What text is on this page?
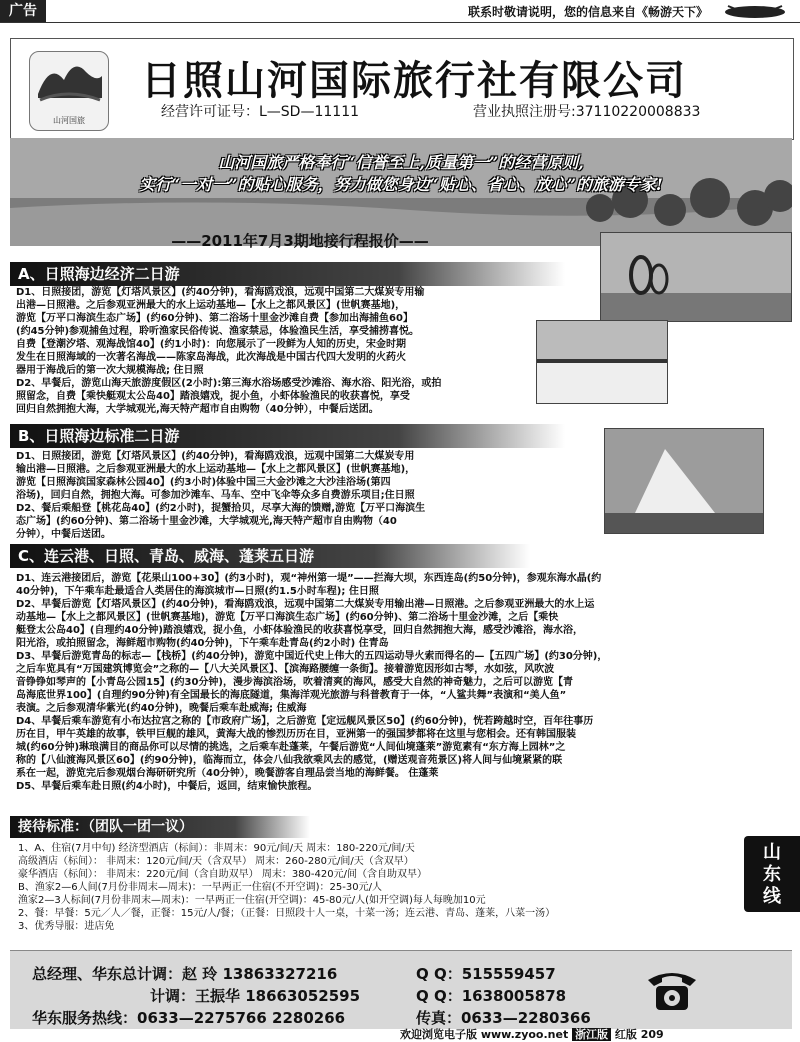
广告	联系时敬请说明，您的信息来自《畅游天下》
山河国旅
日照山河国际旅行社有限公司
经营许可证号：L—SD—11111	营业执照注册号:37110220008833
山河国旅严格奉行“信誉至上,质量第一”的经营原则,
实行“一对一”的贴心服务，努力做您身边“贴心、省心、放心”的旅游专家!
——2011年7月3期地接行程报价——
A、日照海边经济二日游
D1、日照接团，游览【灯塔风景区】(约40分钟)，看海鸥戏浪，远观中国第二大煤炭专用输
出港—日照港。之后参观亚洲最大的水上运动基地—【水上之都风景区】(世帆赛基地)，
游览【万平口海滨生态广场】(约60分钟)、第二浴场十里金沙滩自费【参加出海捕鱼60】
(约45分钟)参观捕鱼过程，聆听渔家民俗传说、渔家禁忌，体验渔民生活，享受捕捞喜悦。
自费【登潮汐塔、观海战馆40】(约1小时)：向您展示了一段鲜为人知的历史，宋金时期
发生在日照海域的一次著名海战——陈家岛海战，此次海战是中国古代四大发明的火药火
器用于海战后的第一次大规模海战; 住日照
D2、早餐后，游览山海天旅游度假区(2小时):第三海水浴场感受沙滩浴、海水浴、阳光浴，或拍
照留念，自费【乘快艇观太公岛40】踏浪嬉戏，捉小鱼，小虾体验渔民的收获喜悦，享受
回归自然拥抱大海，大学城观光,海天特产超市自由购物（40分钟），中餐后送团。
B、日照海边标准二日游
D1、日照接团，游览【灯塔风景区】(约40分钟)，看海鸥戏浪，远观中国第二大煤炭专用
输出港—日照港。之后参观亚洲最大的水上运动基地—【水上之都风景区】(世帆赛基地)，
游览【日照海滨国家森林公园40】(约3小时)体验中国三大金沙滩之大沙洼浴场(第四
浴场)，回归自然，拥抱大海。可参加沙滩车、马车、空中飞伞等众多自费游乐项目;住日照
D2、餐后乘船登【桃花岛40】(约2小时)，捉蟹拾贝，尽享大海的馈赠,游览【万平口海滨生
态广场】(约60分钟)、第二浴场十里金沙滩，大学城观光,海天特产超市自由购物（40
分钟），中餐后送团。
C、连云港、日照、青岛、威海、蓬莱五日游
D1、连云港接团后，游览【花果山100+30】(约3小时)，观“神州第一堤”——拦海大坝，东西连岛(约50分钟)，参观东海水晶(约
40分钟)，下午乘车赴最适合人类居住的海滨城市—日照(约1.5小时车程); 住日照
D2、早餐后游览【灯塔风景区】(约40分钟)，看海鸥戏浪，远观中国第二大煤炭专用输出港—日照港。之后参观亚洲最大的水上运
动基地—【水上之都风景区】(世帆赛基地)，游览【万平口海滨生态广场】(约60分钟)、第二浴场十里金沙滩，之后【乘快
艇登太公岛40】(自理约40分钟)踏浪嬉戏，捉小鱼，小虾体验渔民的收获喜悦享受，回归自然拥抱大海，感受沙滩浴，海水浴，
阳光浴，或拍照留念，海鲜超市购物(约40分钟)，下午乘车赴青岛(约2小时) 住青岛
D3、早餐后游览青岛的标志—【栈桥】(约40分钟)，游览中国近代史上伟大的五四运动导火索而得名的—【五四广场】(约30分钟)，
之后车览具有“万国建筑博览会”之称的—【八大关风景区】、【滨海路腰缠一条街】。接着游览因形如古琴，水如弦，风吹波
音铮铮如琴声的【小青岛公园15】(约30分钟)，漫步海滨浴场，吹着清爽的海风，感受大自然的神奇魅力，之后可以游览【青
岛海底世界100】(自理约90分钟)有全国最长的海底隧道，集海洋观光旅游与科普教育于一体，“人鲨共舞”表演和“美人鱼”
表演。之后参观清华紫光(约40分钟)，晚餐后乘车赴威海; 住威海
D4、早餐后乘车游览有小布达拉宫之称的【市政府广场】，之后游览【定远舰风景区50】(约60分钟)，恍若跨越时空，百年往事历
历在目，甲午英雄的故事，铁甲巨舰的雄风，黄海大战的惨烈历历在目，亚洲第一的强国梦都将在这里与您相会。还有韩国服装
城(约60分钟)琳琅满目的商品你可以尽情的挑选，之后乘车赴蓬莱，午餐后游览“人间仙境蓬莱”游览素有“东方海上园林”之
称的【八仙渡海风景区60】(约90分钟)，临海而立，体会八仙我欲乘风去的感觉，(赠送观音苑景区)将人间与仙境紧紧的联
系在一起，游览完后参观烟台海研研究所（40分钟），晚餐游客自理品尝当地的海鲜餐。 住蓬莱
D5、早餐后乘车赴日照(约4小时)，中餐后，返回，结束愉快旅程。
接待标准：（团队一团一议）
1、A、住宿(7月中旬) 经济型酒店（标间）：非周末：90元/间/天 周末：180-220元/间/天
高级酒店（标间）： 非周末：120元/间/天（含双早） 周末：260-280元/间/天（含双早）
豪华酒店（标间）： 非周末：220元/间（含自助双早） 周末：380-420元/间（含自助双早）
B、渔家2—6人间(7月份非周末—周末)：一早两正一住宿(不开空调)：25-30元/人
渔家2—3人标间(7月份非周末—周末)：一早两正一住宿(开空调)：45-80元/人(如开空调)每人每晚加10元
2、餐：早餐：5元／人／餐，正餐：15元/人/餐；（正餐：日照段十人一桌，十菜一汤；连云港、青岛、蓬莱，八菜一汤）
3、优秀导服：进店免
山东线
总经理、华东总计调：赵 玲 13863327216	Q Q：515559457
计调：王振华 18663052595	Q Q：1638005878
华东服务热线：0633—2275766 2280266	传真：0633—2280366
欢迎浏览电子版 www.zyoo.net 浙江版 红版 209
